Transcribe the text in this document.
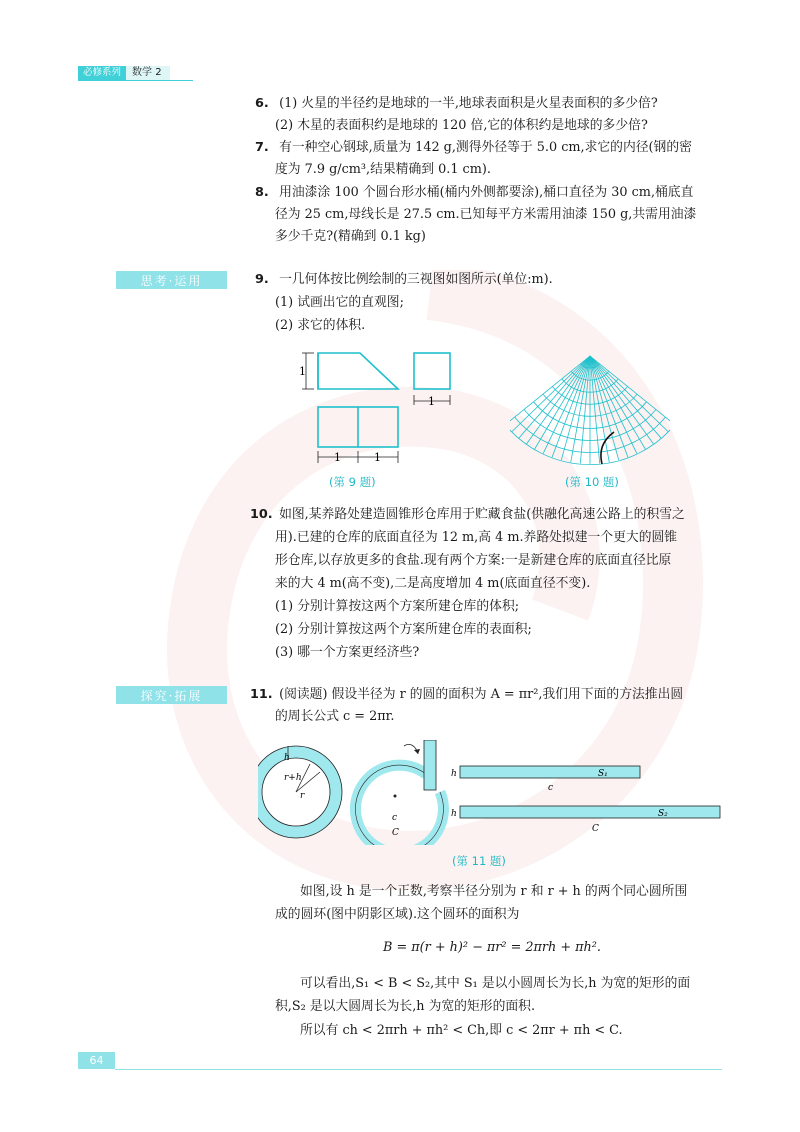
必修系列	数学 2
6. (1) 火星的半径约是地球的一半,地球表面积是火星表面积的多少倍?
(2) 木星的表面积约是地球的 120 倍,它的体积约是地球的多少倍?
7. 有一种空心钢球,质量为 142 g,测得外径等于 5.0 cm,求它的内径(钢的密
度为 7.9 g/cm³,结果精确到 0.1 cm).
8. 用油漆涂 100 个圆台形水桶(桶内外侧都要涂),桶口直径为 30 cm,桶底直
径为 25 cm,母线长是 27.5 cm.已知每平方米需用油漆 150 g,共需用油漆
多少千克?(精确到 0.1 kg)
思考·运用	9. 一几何体按比例绘制的三视图如图所示(单位:m).
(1) 试画出它的直观图;
(2) 求它的体积.
1
1
1	1
(第 9 题)	(第 10 题)
10. 如图,某养路处建造圆锥形仓库用于贮藏食盐(供融化高速公路上的积雪之
用).已建的仓库的底面直径为 12 m,高 4 m.养路处拟建一个更大的圆锥
形仓库,以存放更多的食盐.现有两个方案:一是新建仓库的底面直径比原
来的大 4 m(高不变),二是高度增加 4 m(底面直径不变).
(1) 分别计算按这两个方案所建仓库的体积;
(2) 分别计算按这两个方案所建仓库的表面积;
(3) 哪一个方案更经济些?
探究·拓展	11. (阅读题) 假设半径为 r 的圆的面积为 A = πr²,我们用下面的方法推出圆
的周长公式 c = 2πr.
h
r+h
r
c
C
h	S₁
c
h	S₂
C
(第 11 题)
如图,设 h 是一个正数,考察半径分别为 r 和 r + h 的两个同心圆所围
成的圆环(图中阴影区域).这个圆环的面积为
B = π(r + h)² − πr² = 2πrh + πh².
可以看出,S₁ < B < S₂,其中 S₁ 是以小圆周长为长,h 为宽的矩形的面
积,S₂ 是以大圆周长为长,h 为宽的矩形的面积.
所以有 ch < 2πrh + πh² < Ch,即 c < 2πr + πh < C.
64
